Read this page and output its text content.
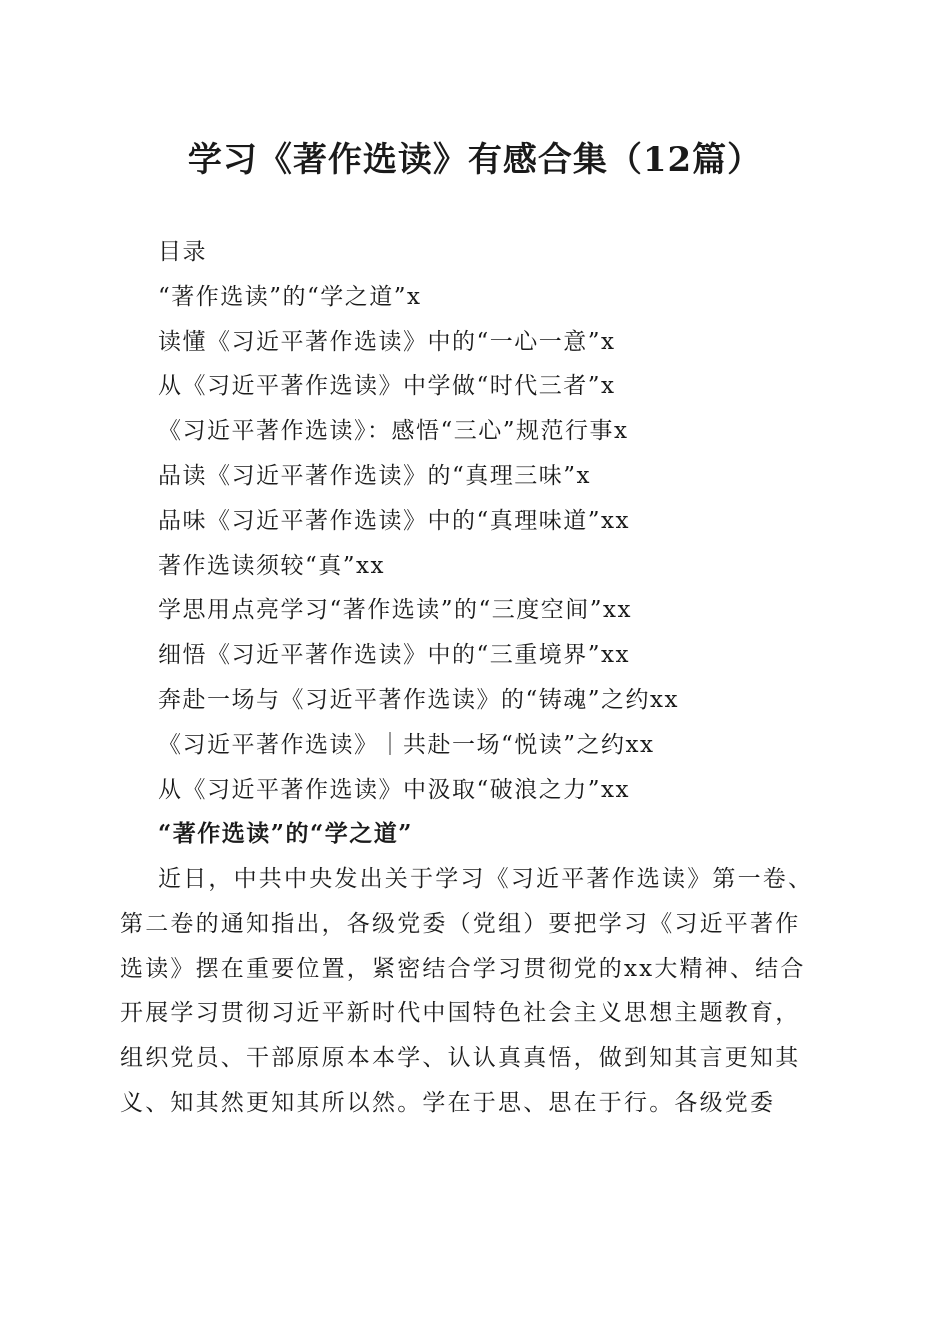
学习《著作选读》有感合集（12篇）
目录
“著作选读”的“学之道”x
读懂《习近平著作选读》中的“一心一意”x
从《习近平著作选读》中学做“时代三者”x
《习近平著作选读》：感悟“三心”规范行事x
品读《习近平著作选读》的“真理三味”x
品味《习近平著作选读》中的“真理味道”xx
著作选读须较“真”xx
学思用点亮学习“著作选读”的“三度空间”xx
细悟《习近平著作选读》中的“三重境界”xx
奔赴一场与《习近平著作选读》的“铸魂”之约xx
《习近平著作选读》｜共赴一场“悦读”之约xx
从《习近平著作选读》中汲取“破浪之力”xx
“著作选读”的“学之道”
近日，中共中央发出关于学习《习近平著作选读》第一卷、
第二卷的通知指出，各级党委（党组）要把学习《习近平著作
选读》摆在重要位置，紧密结合学习贯彻党的xx大精神、结合
开展学习贯彻习近平新时代中国特色社会主义思想主题教育，
组织党员、干部原原本本学、认认真真悟，做到知其言更知其
义、知其然更知其所以然。学在于思、思在于行。各级党委
